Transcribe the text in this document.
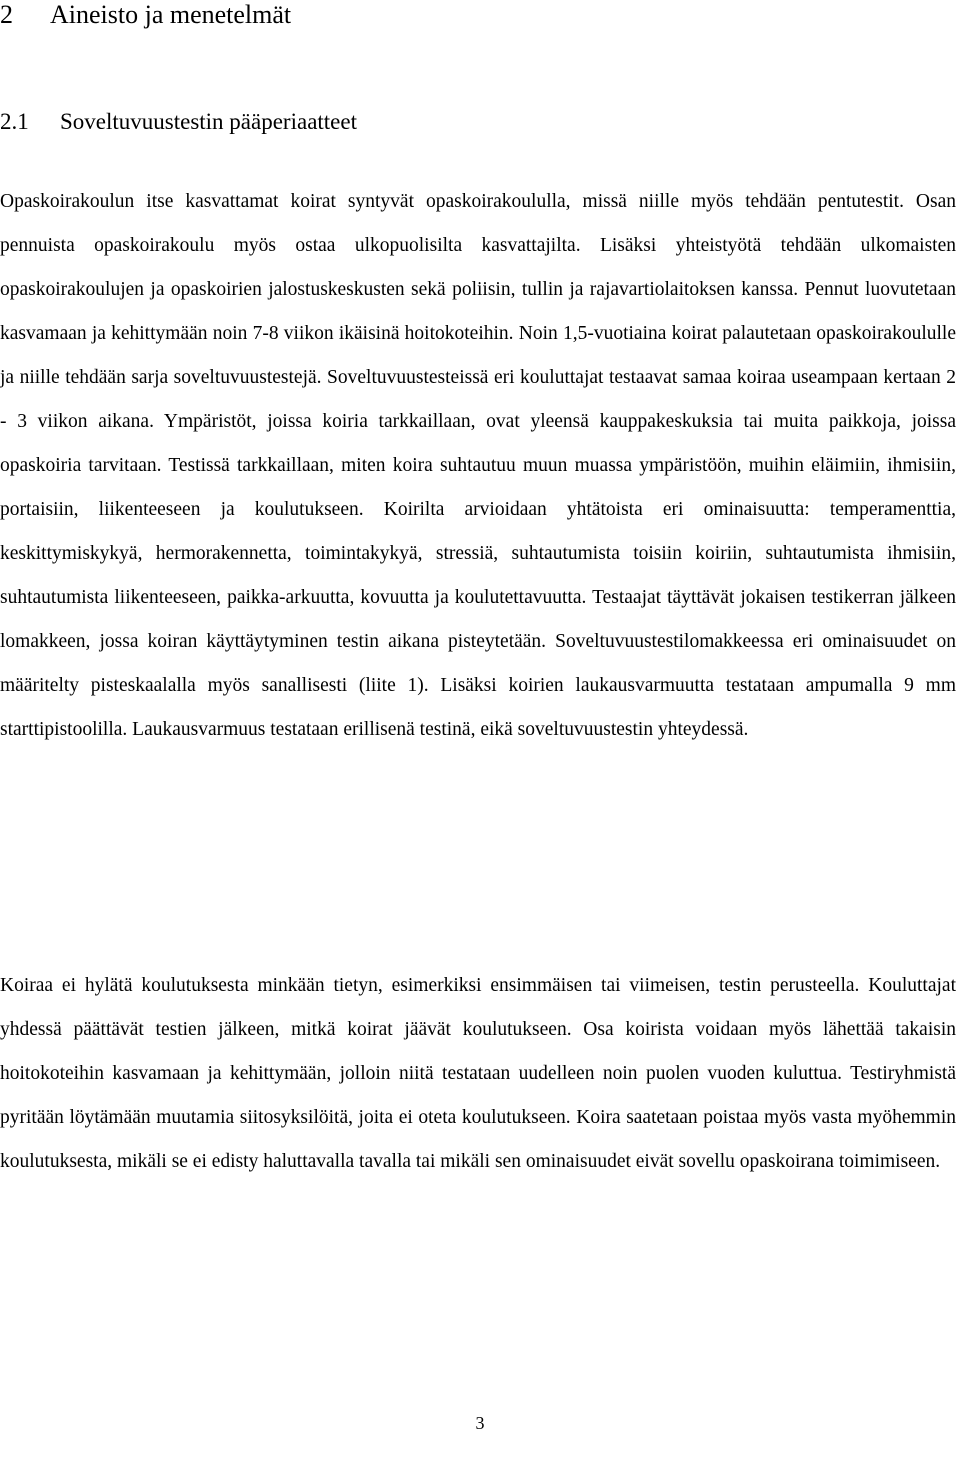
2 Aineisto ja menetelmät
2.1 Soveltuvuustestin pääperiaatteet

Opaskoirakoulun itse kasvattamat koirat syntyvät opaskoirakoululla, missä niille myös tehdään pentutestit. Osan pennuista opaskoirakoulu myös ostaa ulkopuolisilta kasvattajilta. Lisäksi yhteistyötä tehdään ulkomaisten opaskoirakoulujen ja opaskoirien jalostuskeskusten sekä poliisin, tullin ja rajavartiolaitoksen kanssa. Pennut luovutetaan kasvamaan ja kehittymään noin 7-8 viikon ikäisinä hoitokoteihin. Noin 1,5-vuotiaina koirat palautetaan opaskoirakoululle ja niille tehdään sarja soveltuvuustestejä. Soveltuvuustesteissä eri kouluttajat testaavat samaa koiraa useampaan kertaan 2 - 3 viikon aikana. Ympäristöt, joissa koiria tarkkaillaan, ovat yleensä kauppakeskuksia tai muita paikkoja, joissa opaskoiria tarvitaan. Testissä tarkkaillaan, miten koira suhtautuu muun muassa ympäristöön, muihin eläimiin, ihmisiin, portaisiin, liikenteeseen ja koulutukseen. Koirilta arvioidaan yhtätoista eri ominaisuutta: temperamenttia, keskittymiskykyä, hermorakennetta, toimintakykyä, stressiä, suhtautumista toisiin koiriin, suhtautumista ihmisiin, suhtautumista liikenteeseen, paikka-arkuutta, kovuutta ja koulutettavuutta. Testaajat täyttävät jokaisen testikerran jälkeen lomakkeen, jossa koiran käyttäytyminen testin aikana pisteytetään. Soveltuvuustestilomakkeessa eri ominaisuudet on määritelty pisteskaalalla myös sanallisesti (liite 1). Lisäksi koirien laukausvarmuutta testataan ampumalla 9 mm starttipistoolilla. Laukausvarmuus testataan erillisenä testinä, eikä soveltuvuustestin yhteydessä.

Koiraa ei hylätä koulutuksesta minkään tietyn, esimerkiksi ensimmäisen tai viimeisen, testin perusteella. Kouluttajat yhdessä päättävät testien jälkeen, mitkä koirat jäävät koulutukseen. Osa koirista voidaan myös lähettää takaisin hoitokoteihin kasvamaan ja kehittymään, jolloin niitä testataan uudelleen noin puolen vuoden kuluttua. Testiryhmistä pyritään löytämään muutamia siitosyksilöitä, joita ei oteta koulutukseen. Koira saatetaan poistaa myös vasta myöhemmin koulutuksesta, mikäli se ei edisty haluttavalla tavalla tai mikäli sen ominaisuudet eivät sovellu opaskoirana toimimiseen.

3
